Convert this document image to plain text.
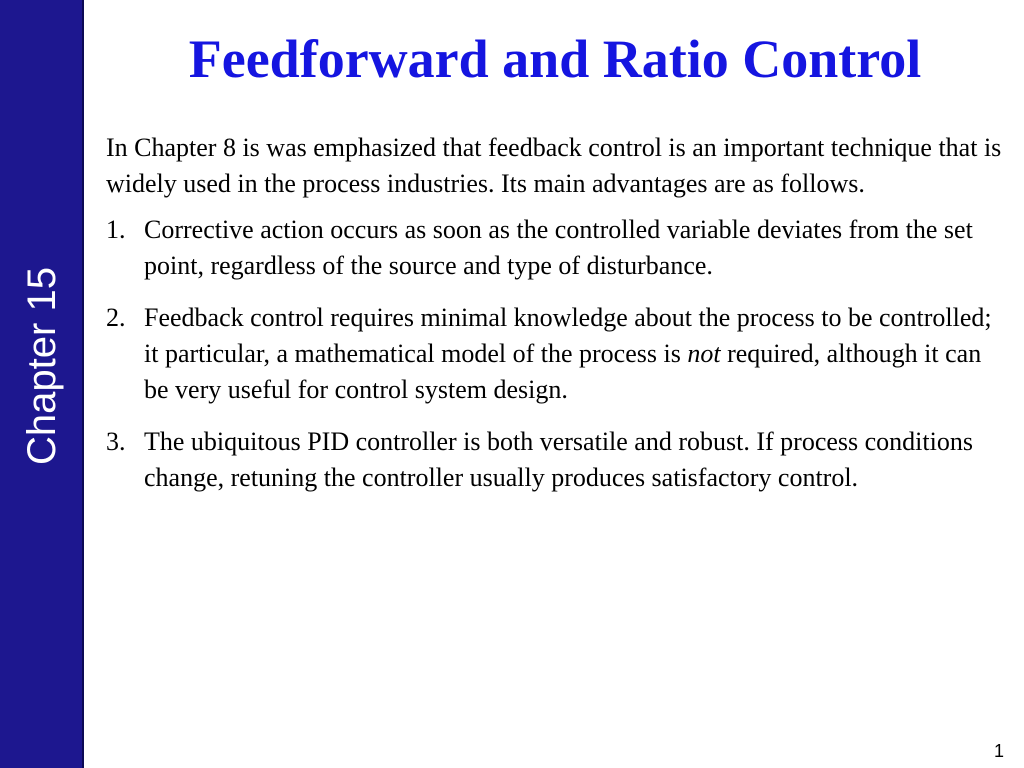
Chapter 15
Feedforward and Ratio Control

In Chapter 8 is was emphasized that feedback control is an important technique that is widely used in the process industries. Its main advantages are as follows.

1. Corrective action occurs as soon as the controlled variable deviates from the set point, regardless of the source and type of disturbance.
2. Feedback control requires minimal knowledge about the process to be controlled; it particular, a mathematical model of the process is not required, although it can be very useful for control system design.
3. The ubiquitous PID controller is both versatile and robust. If process conditions change, retuning the controller usually produces satisfactory control.
1
